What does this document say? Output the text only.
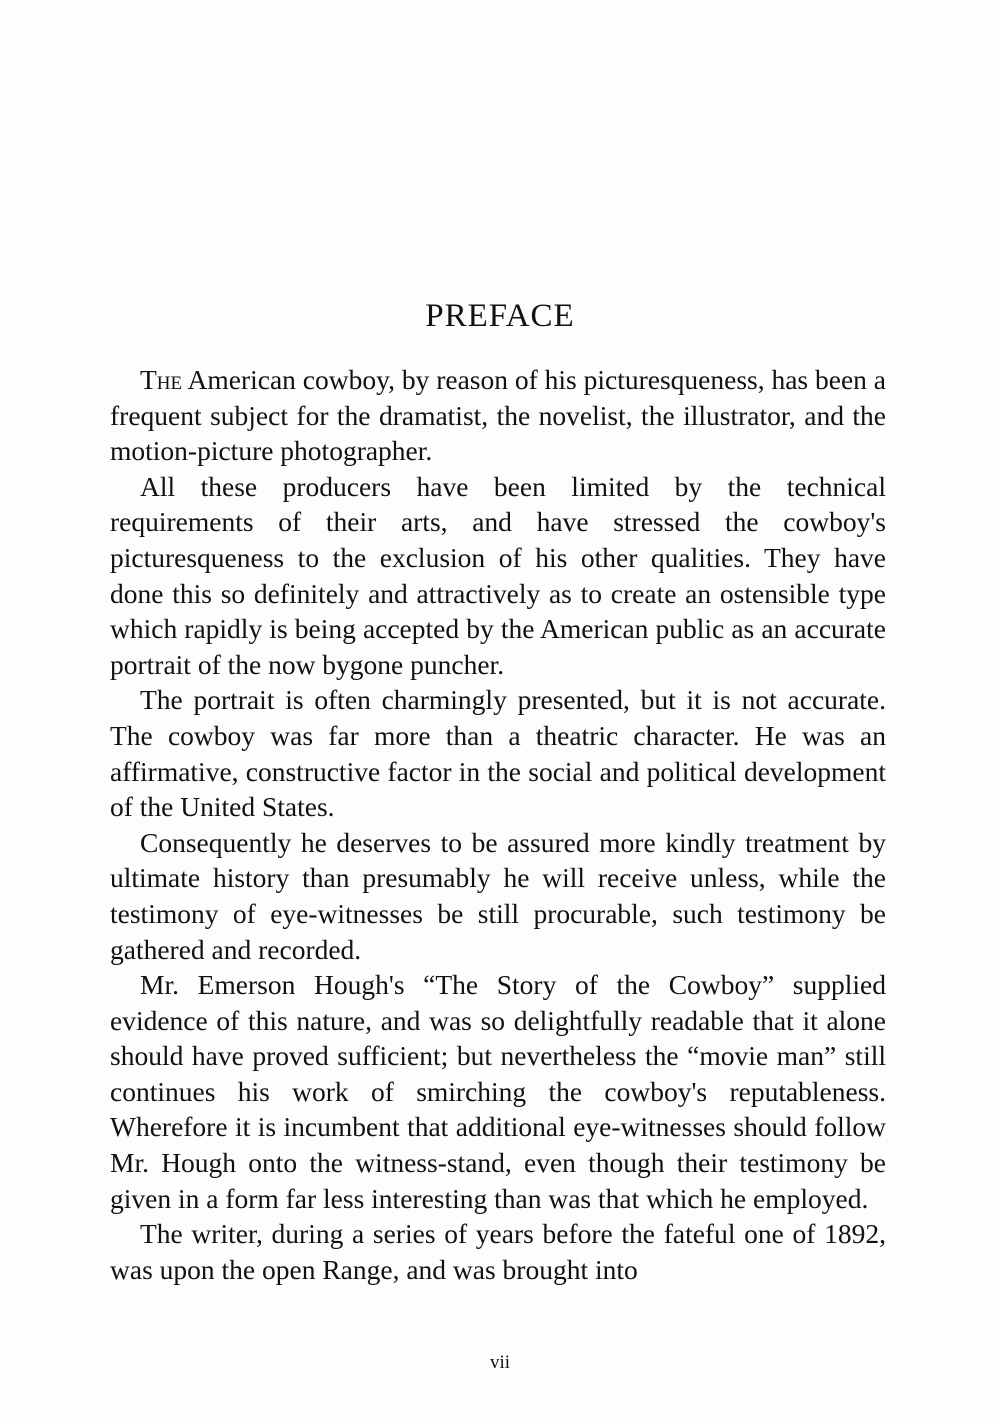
PREFACE

The American cowboy, by reason of his picturesqueness, has been a frequent subject for the dramatist, the novelist, the illustrator, and the motion-picture photographer.

All these producers have been limited by the technical requirements of their arts, and have stressed the cowboy's picturesqueness to the exclusion of his other qualities. They have done this so definitely and attractively as to create an ostensible type which rapidly is being accepted by the American public as an accurate portrait of the now bygone puncher.

The portrait is often charmingly presented, but it is not accurate. The cowboy was far more than a theatric character. He was an affirmative, constructive factor in the social and political development of the United States.

Consequently he deserves to be assured more kindly treatment by ultimate history than presumably he will receive unless, while the testimony of eye-witnesses be still procurable, such testimony be gathered and recorded.

Mr. Emerson Hough's “The Story of the Cowboy” supplied evidence of this nature, and was so delightfully readable that it alone should have proved sufficient; but nevertheless the “movie man” still continues his work of smirching the cowboy's reputableness. Wherefore it is incumbent that additional eye-witnesses should follow Mr. Hough onto the witness-stand, even though their testimony be given in a form far less interesting than was that which he employed.

The writer, during a series of years before the fateful one of 1892, was upon the open Range, and was brought into

vii
